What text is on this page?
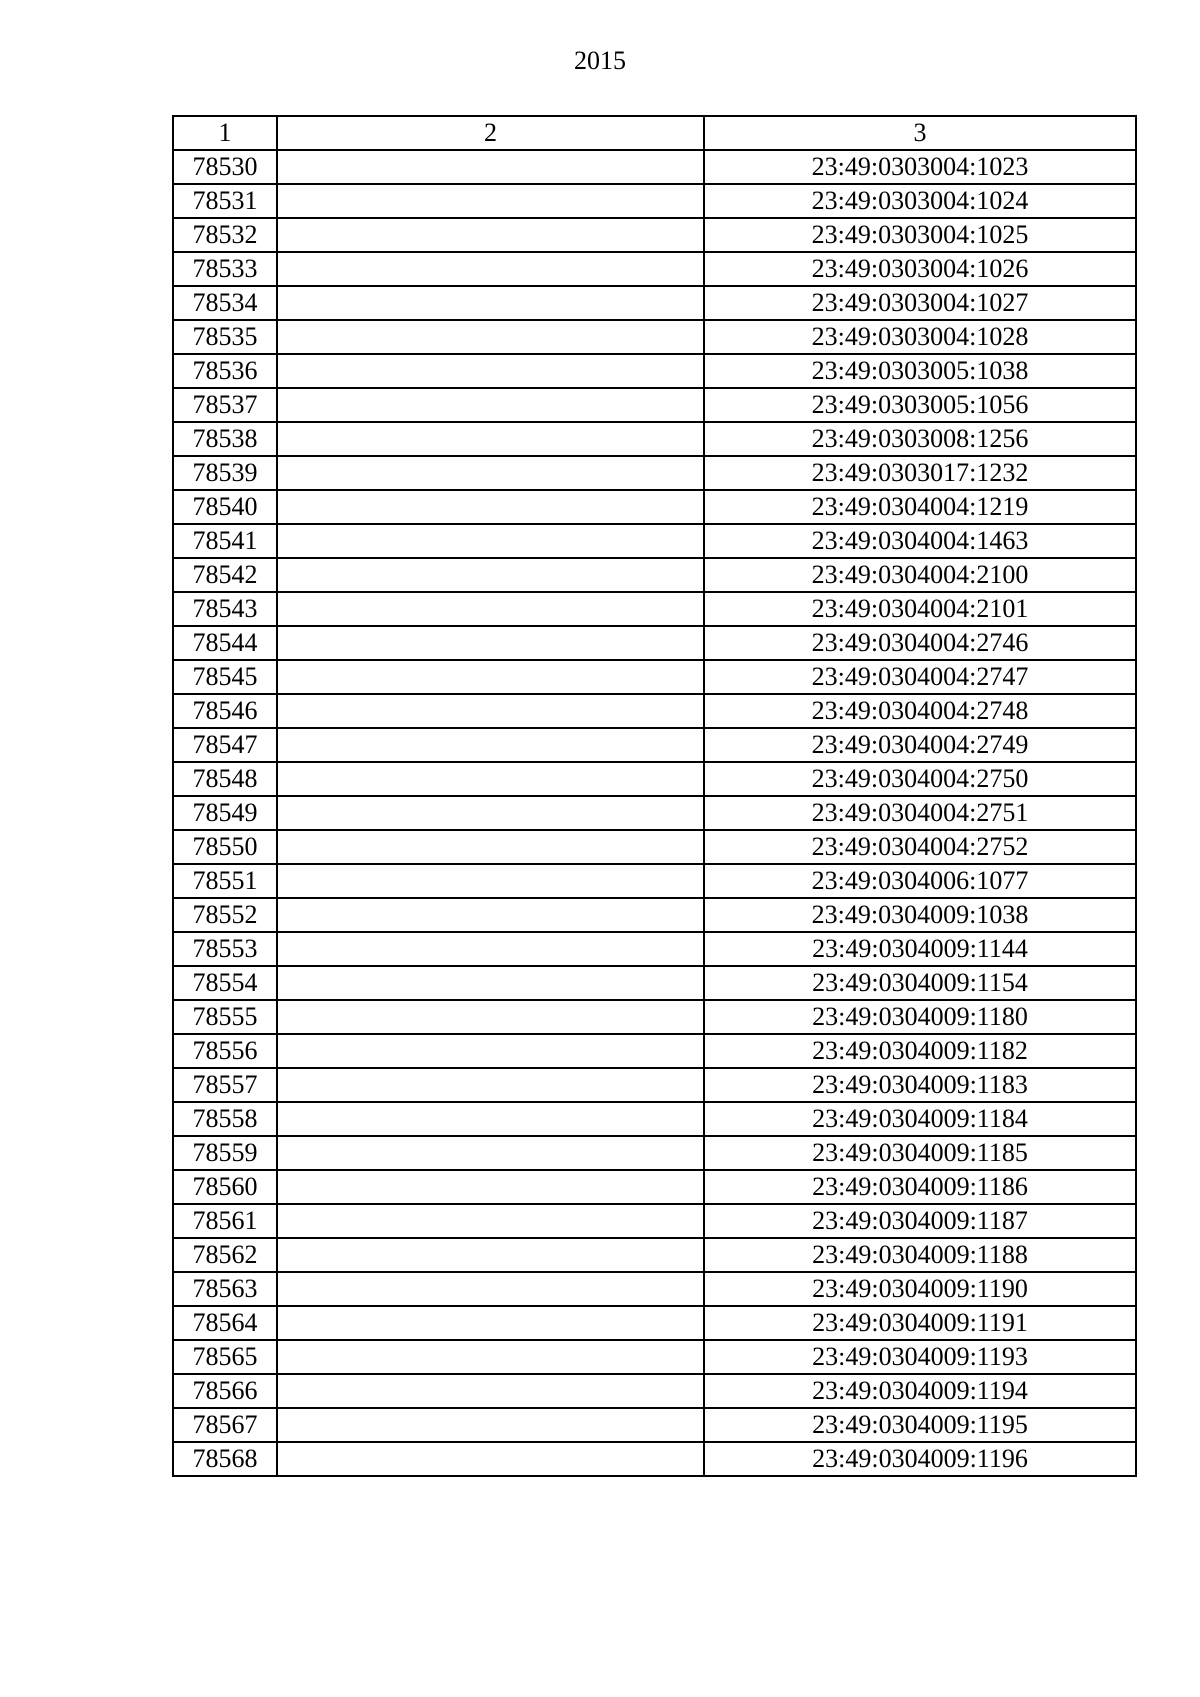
2015
1	2	3
78530		23:49:0303004:1023
78531		23:49:0303004:1024
78532		23:49:0303004:1025
78533		23:49:0303004:1026
78534		23:49:0303004:1027
78535		23:49:0303004:1028
78536		23:49:0303005:1038
78537		23:49:0303005:1056
78538		23:49:0303008:1256
78539		23:49:0303017:1232
78540		23:49:0304004:1219
78541		23:49:0304004:1463
78542		23:49:0304004:2100
78543		23:49:0304004:2101
78544		23:49:0304004:2746
78545		23:49:0304004:2747
78546		23:49:0304004:2748
78547		23:49:0304004:2749
78548		23:49:0304004:2750
78549		23:49:0304004:2751
78550		23:49:0304004:2752
78551		23:49:0304006:1077
78552		23:49:0304009:1038
78553		23:49:0304009:1144
78554		23:49:0304009:1154
78555		23:49:0304009:1180
78556		23:49:0304009:1182
78557		23:49:0304009:1183
78558		23:49:0304009:1184
78559		23:49:0304009:1185
78560		23:49:0304009:1186
78561		23:49:0304009:1187
78562		23:49:0304009:1188
78563		23:49:0304009:1190
78564		23:49:0304009:1191
78565		23:49:0304009:1193
78566		23:49:0304009:1194
78567		23:49:0304009:1195
78568		23:49:0304009:1196
